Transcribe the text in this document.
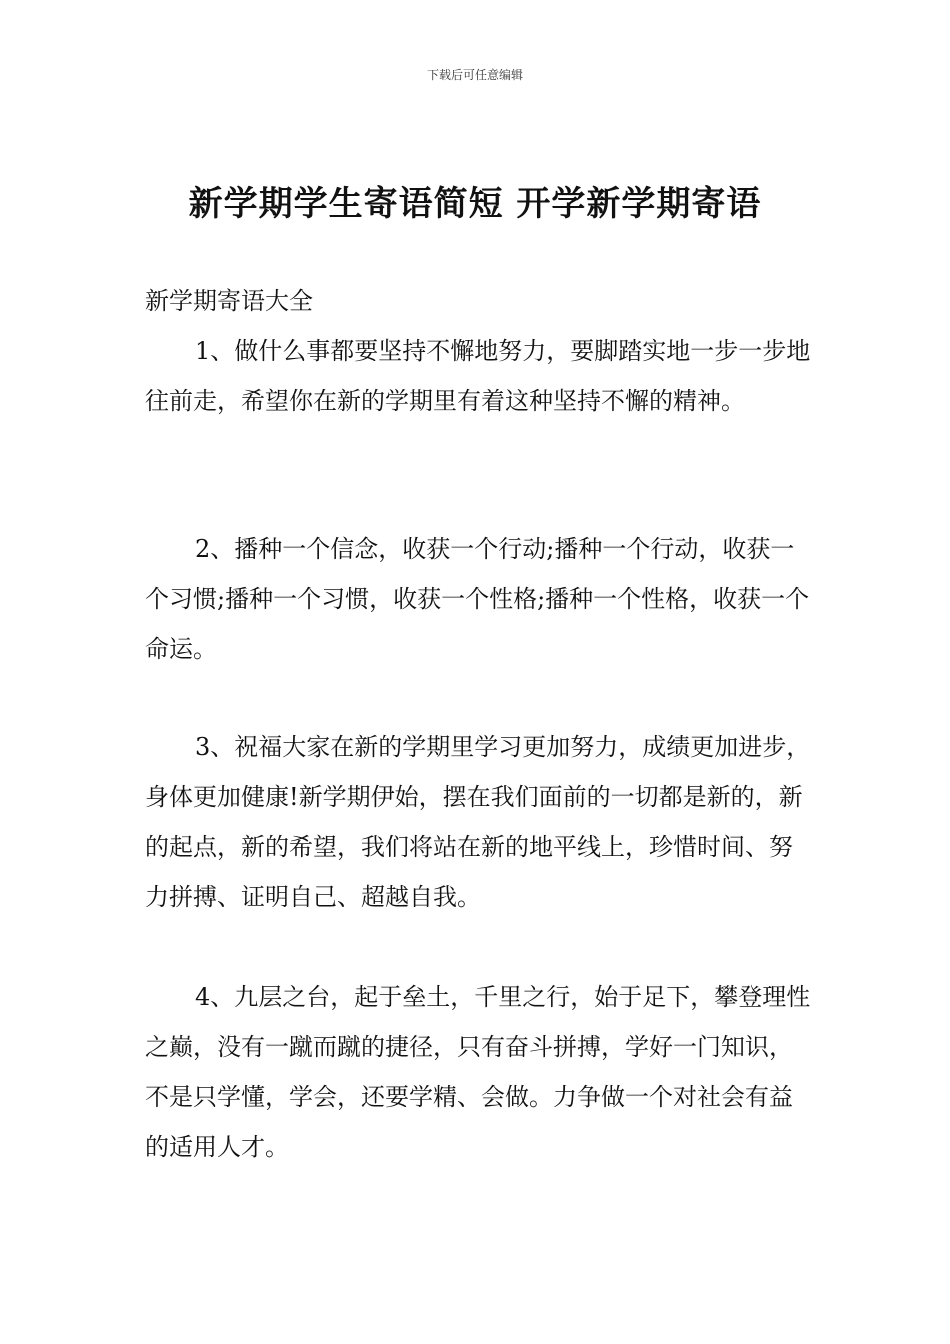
下载后可任意编辑
新学期学生寄语简短 开学新学期寄语
新学期寄语大全

1、做什么事都要坚持不懈地努力，要脚踏实地一步一步地往前走，希望你在新的学期里有着这种坚持不懈的精神。

2、播种一个信念，收获一个行动;播种一个行动，收获一个习惯;播种一个习惯，收获一个性格;播种一个性格，收获一个命运。

3、祝福大家在新的学期里学习更加努力，成绩更加进步，身体更加健康!新学期伊始，摆在我们面前的一切都是新的，新的起点，新的希望，我们将站在新的地平线上，珍惜时间、努力拼搏、证明自己、超越自我。

4、九层之台，起于垒土，千里之行，始于足下，攀登理性之巅，没有一蹴而蹴的捷径，只有奋斗拼搏，学好一门知识，不是只学懂，学会，还要学精、会做。力争做一个对社会有益的适用人才。
